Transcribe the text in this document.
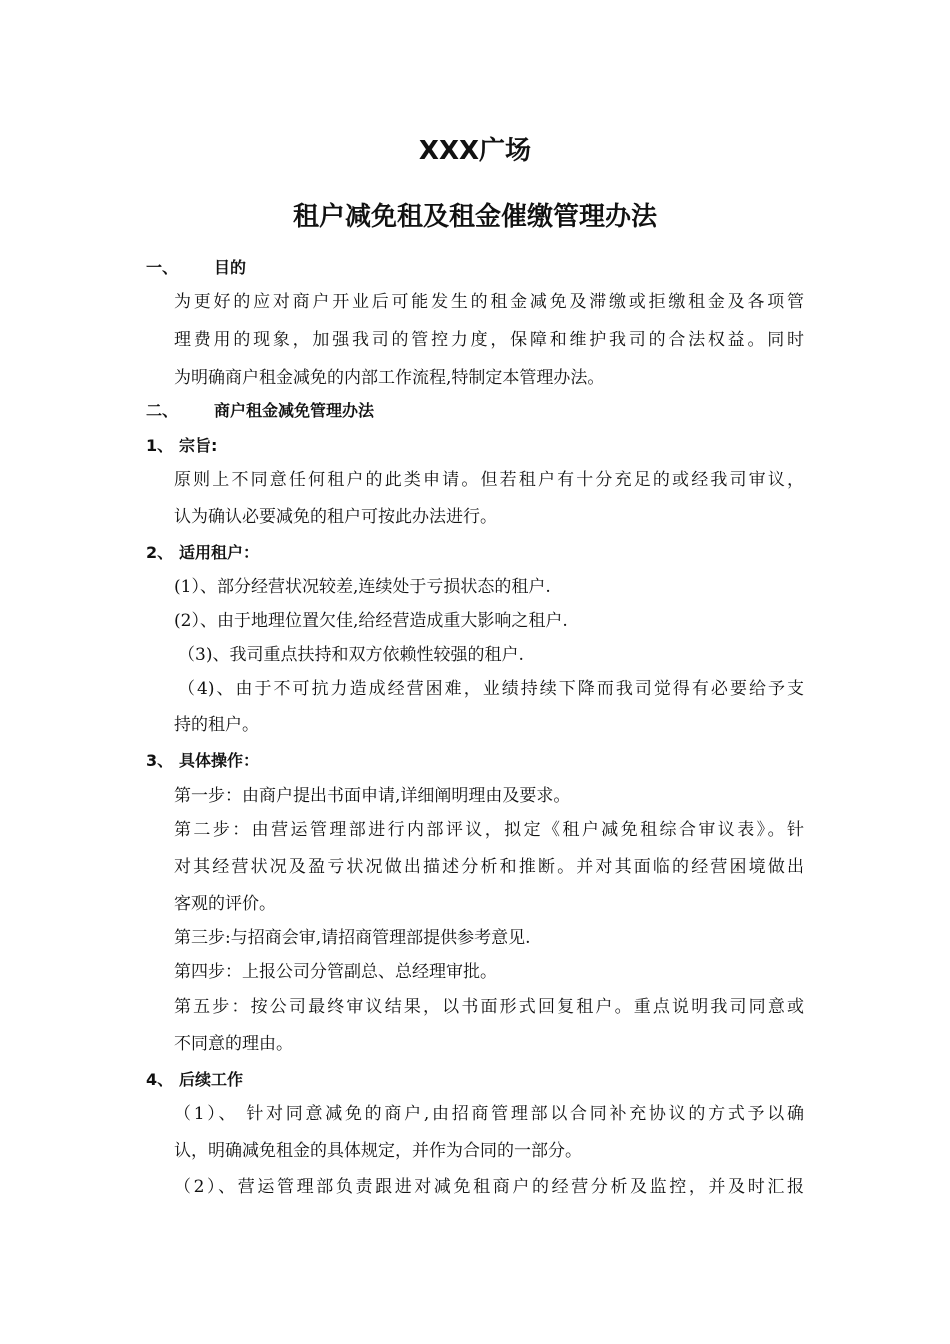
XXX广场
租户减免租及租金催缴管理办法
一、 目的
为更好的应对商户开业后可能发生的租金减免及滞缴或拒缴租金及各项管
理费用的现象，加强我司的管控力度，保障和维护我司的合法权益。同时
为明确商户租金减免的内部工作流程,特制定本管理办法。
二、 商户租金减免管理办法
1、 宗旨:
原则上不同意任何租户的此类申请。但若租户有十分充足的或经我司审议，
认为确认必要减免的租户可按此办法进行。
2、 适用租户：
(1）、部分经营状况较差,连续处于亏损状态的租户.
(2）、由于地理位置欠佳,给经营造成重大影响之租户.
（3)、我司重点扶持和双方依赖性较强的租户.
（4)、由于不可抗力造成经营困难，业绩持续下降而我司觉得有必要给予支
持的租户。
3、 具体操作：
第一步：由商户提出书面申请,详细阐明理由及要求。
第二步：由营运管理部进行内部评议，拟定《租户减免租综合审议表》。针
对其经营状况及盈亏状况做出描述分析和推断。并对其面临的经营困境做出
客观的评价。
第三步:与招商会审,请招商管理部提供参考意见.
第四步：上报公司分管副总、总经理审批。
第五步：按公司最终审议结果，以书面形式回复租户。重点说明我司同意或
不同意的理由。
4、 后续工作
（1）、 针对同意减免的商户,由招商管理部以合同补充协议的方式予以确
认，明确减免租金的具体规定，并作为合同的一部分。
（2）、营运管理部负责跟进对减免租商户的经营分析及监控，并及时汇报
